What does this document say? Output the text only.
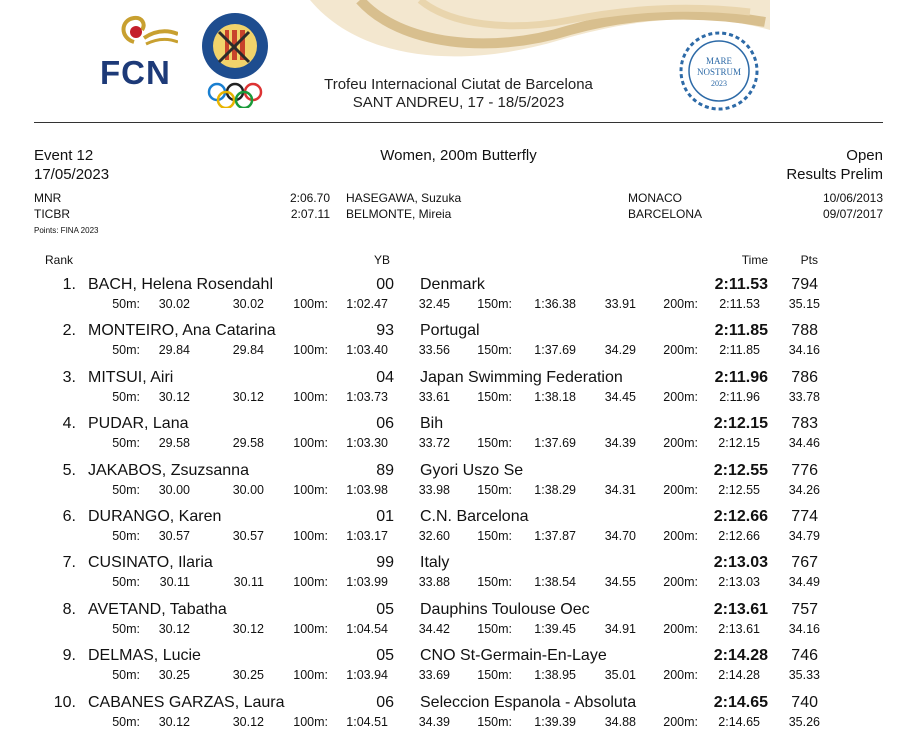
FCN	MARE
NOSTRUM
2023
Trofeu Internacional Ciutat de Barcelona
SANT ANDREU, 17 - 18/5/2023
Event 12
17/05/2023
Women, 200m Butterfly	Open
Results Prelim
MNR	2:06.70 HASEGAWA, Suzuka	MONACO	10/06/2013
TICBR	2:07.11 BELMONTE, Mireia	BARCELONA	09/07/2017
Points: FINA 2023
Rank	YB	Time	Pts
1. BACH, Helena Rosendahl	00 Denmark	2:11.53	794
50m:	30.02	30.02	100m:	1:02.47	32.45	150m:	1:36.38	33.91	200m:	2:11.53	35.15
2. MONTEIRO, Ana Catarina	93 Portugal	2:11.85	788
50m:	29.84	29.84	100m:	1:03.40	33.56	150m:	1:37.69	34.29	200m:	2:11.85	34.16
3. MITSUI, Airi	04 Japan Swimming Federation	2:11.96	786
50m:	30.12	30.12	100m:	1:03.73	33.61	150m:	1:38.18	34.45	200m:	2:11.96	33.78
4. PUDAR, Lana	06 Bih	2:12.15	783
50m:	29.58	29.58	100m:	1:03.30	33.72	150m:	1:37.69	34.39	200m:	2:12.15	34.46
5. JAKABOS, Zsuzsanna	89 Gyori Uszo Se	2:12.55	776
50m:	30.00	30.00	100m:	1:03.98	33.98	150m:	1:38.29	34.31	200m:	2:12.55	34.26
6. DURANGO, Karen	01 C.N. Barcelona	2:12.66	774
50m:	30.57	30.57	100m:	1:03.17	32.60	150m:	1:37.87	34.70	200m:	2:12.66	34.79
7. CUSINATO, Ilaria	99 Italy	2:13.03	767
50m:	30.11	30.11	100m:	1:03.99	33.88	150m:	1:38.54	34.55	200m:	2:13.03	34.49
8. AVETAND, Tabatha	05 Dauphins Toulouse Oec	2:13.61	757
50m:	30.12	30.12	100m:	1:04.54	34.42	150m:	1:39.45	34.91	200m:	2:13.61	34.16
9. DELMAS, Lucie	05 CNO St-Germain-En-Laye	2:14.28	746
50m:	30.25	30.25	100m:	1:03.94	33.69	150m:	1:38.95	35.01	200m:	2:14.28	35.33
10. CABANES GARZAS, Laura	06 Seleccion Espanola - Absoluta	2:14.65	740
50m:	30.12	30.12	100m:	1:04.51	34.39	150m:	1:39.39	34.88	200m:	2:14.65	35.26
